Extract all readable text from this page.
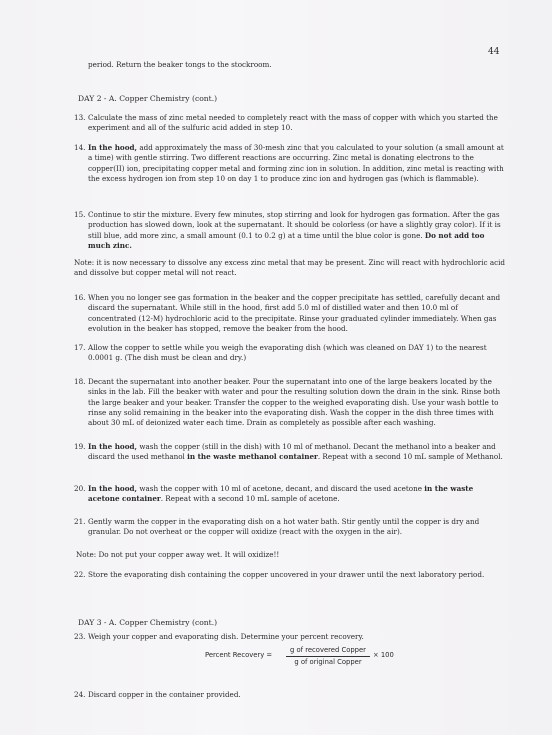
44
period. Return the beaker tongs to the stockroom.
DAY 2 - A. Copper Chemistry (cont.)
13. Calculate the mass of zinc metal needed to completely react with the mass of copper with which you started the experiment and all of the sulfuric acid added in step 10.
14. In the hood, add approximately the mass of 30-mesh zinc that you calculated to your solution (a small amount at a time) with gentle stirring. Two different reactions are occurring. Zinc metal is donating electrons to the copper(II) ion, precipitating copper metal and forming zinc ion in solution. In addition, zinc metal is reacting with the excess hydrogen ion from step 10 on day 1 to produce zinc ion and hydrogen gas (which is flammable).
15. Continue to stir the mixture. Every few minutes, stop stirring and look for hydrogen gas formation. After the gas production has slowed down, look at the supernatant. It should be colorless (or have a slightly gray color). If it is still blue, add more zinc, a small amount (0.1 to 0.2 g) at a time until the blue color is gone. Do not add too much zinc.
Note: it is now necessary to dissolve any excess zinc metal that may be present. Zinc will react with hydrochloric acid and dissolve but copper metal will not react.
16. When you no longer see gas formation in the beaker and the copper precipitate has settled, carefully decant and discard the supernatant. While still in the hood, first add 5.0 ml of distilled water and then 10.0 ml of concentrated (12-M) hydrochloric acid to the precipitate. Rinse your graduated cylinder immediately. When gas evolution in the beaker has stopped, remove the beaker from the hood.
17. Allow the copper to settle while you weigh the evaporating dish (which was cleaned on DAY 1) to the nearest 0.0001 g. (The dish must be clean and dry.)
18. Decant the supernatant into another beaker. Pour the supernatant into one of the large beakers located by the sinks in the lab. Fill the beaker with water and pour the resulting solution down the drain in the sink. Rinse both the large beaker and your beaker. Transfer the copper to the weighed evaporating dish. Use your wash bottle to rinse any solid remaining in the beaker into the evaporating dish. Wash the copper in the dish three times with about 30 mL of deionized water each time. Drain as completely as possible after each washing.
19. In the hood, wash the copper (still in the dish) with 10 ml of methanol. Decant the methanol into a beaker and discard the used methanol in the waste methanol container. Repeat with a second 10 mL sample of Methanol.
20. In the hood, wash the copper with 10 ml of acetone, decant, and discard the used acetone in the waste acetone container. Repeat with a second 10 mL sample of acetone.
21. Gently warm the copper in the evaporating dish on a hot water bath. Stir gently until the copper is dry and granular. Do not overheat or the copper will oxidize (react with the oxygen in the air).
Note: Do not put your copper away wet. It will oxidize!!
22. Store the evaporating dish containing the copper uncovered in your drawer until the next laboratory period.
DAY 3 - A. Copper Chemistry (cont.)
23. Weigh your copper and evaporating dish. Determine your percent recovery.
Percent Recovery =
g of recovered Copper
g of original Copper
× 100
24. Discard copper in the container provided.
